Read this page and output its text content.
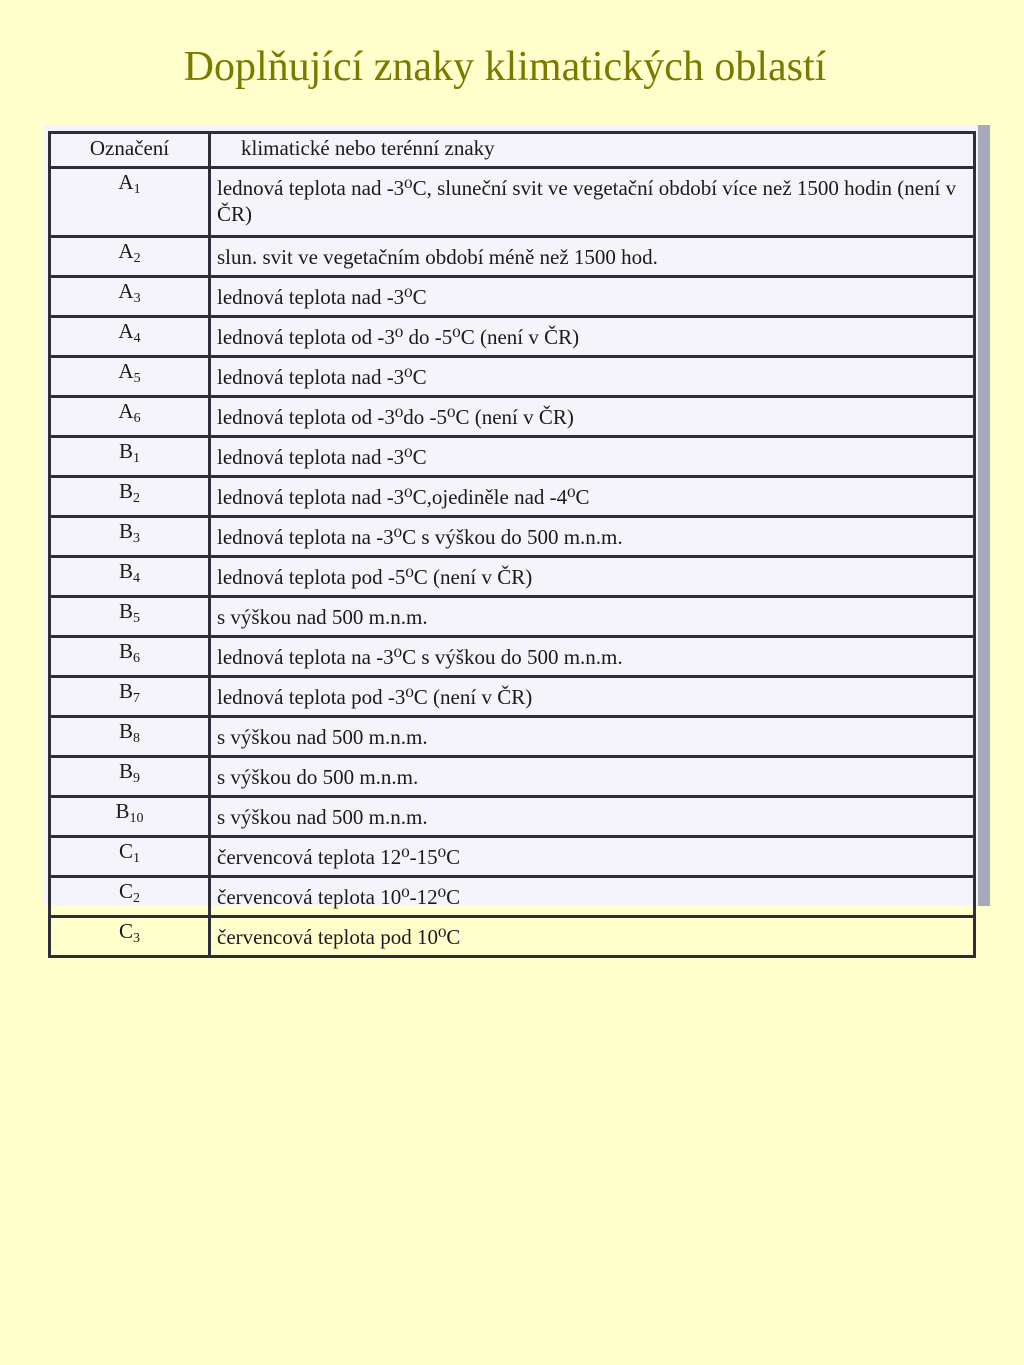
Doplňující znaky klimatických oblastí
Označení	klimatické nebo terénní znaky
$A_1$	lednová teplota nad -3⁰C, sluneční svit ve vegetační období více než 1500 hodin (není v ČR)
$A_2$	slun. svit ve vegetačním období méně než 1500 hod.
$A_3$	lednová teplota nad -3⁰C
$A_4$	lednová teplota od -3⁰ do -5⁰C (není v ČR)
$A_5$	lednová teplota nad -3⁰C
$A_6$	lednová teplota od -3⁰do -5⁰C (není v ČR)
$B_1$	lednová teplota nad -3⁰C
$B_2$	lednová teplota nad -3⁰C,ojediněle nad -4⁰C
$B_3$	lednová teplota na -3⁰C s výškou do 500 m.n.m.
$B_4$	lednová teplota pod -5⁰C (není v ČR)
$B_5$	s výškou nad 500 m.n.m.
$B_6$	lednová teplota na -3⁰C s výškou do 500 m.n.m.
$B_7$	lednová teplota pod -3⁰C (není v ČR)
$B_8$	s výškou nad 500 m.n.m.
$B_9$	s výškou do 500 m.n.m.
$B_{10}$	s výškou nad 500 m.n.m.
$C_1$	červencová teplota 12⁰-15⁰C
$C_2$	červencová teplota 10⁰-12⁰C
$C_3$	červencová teplota pod 10⁰C
